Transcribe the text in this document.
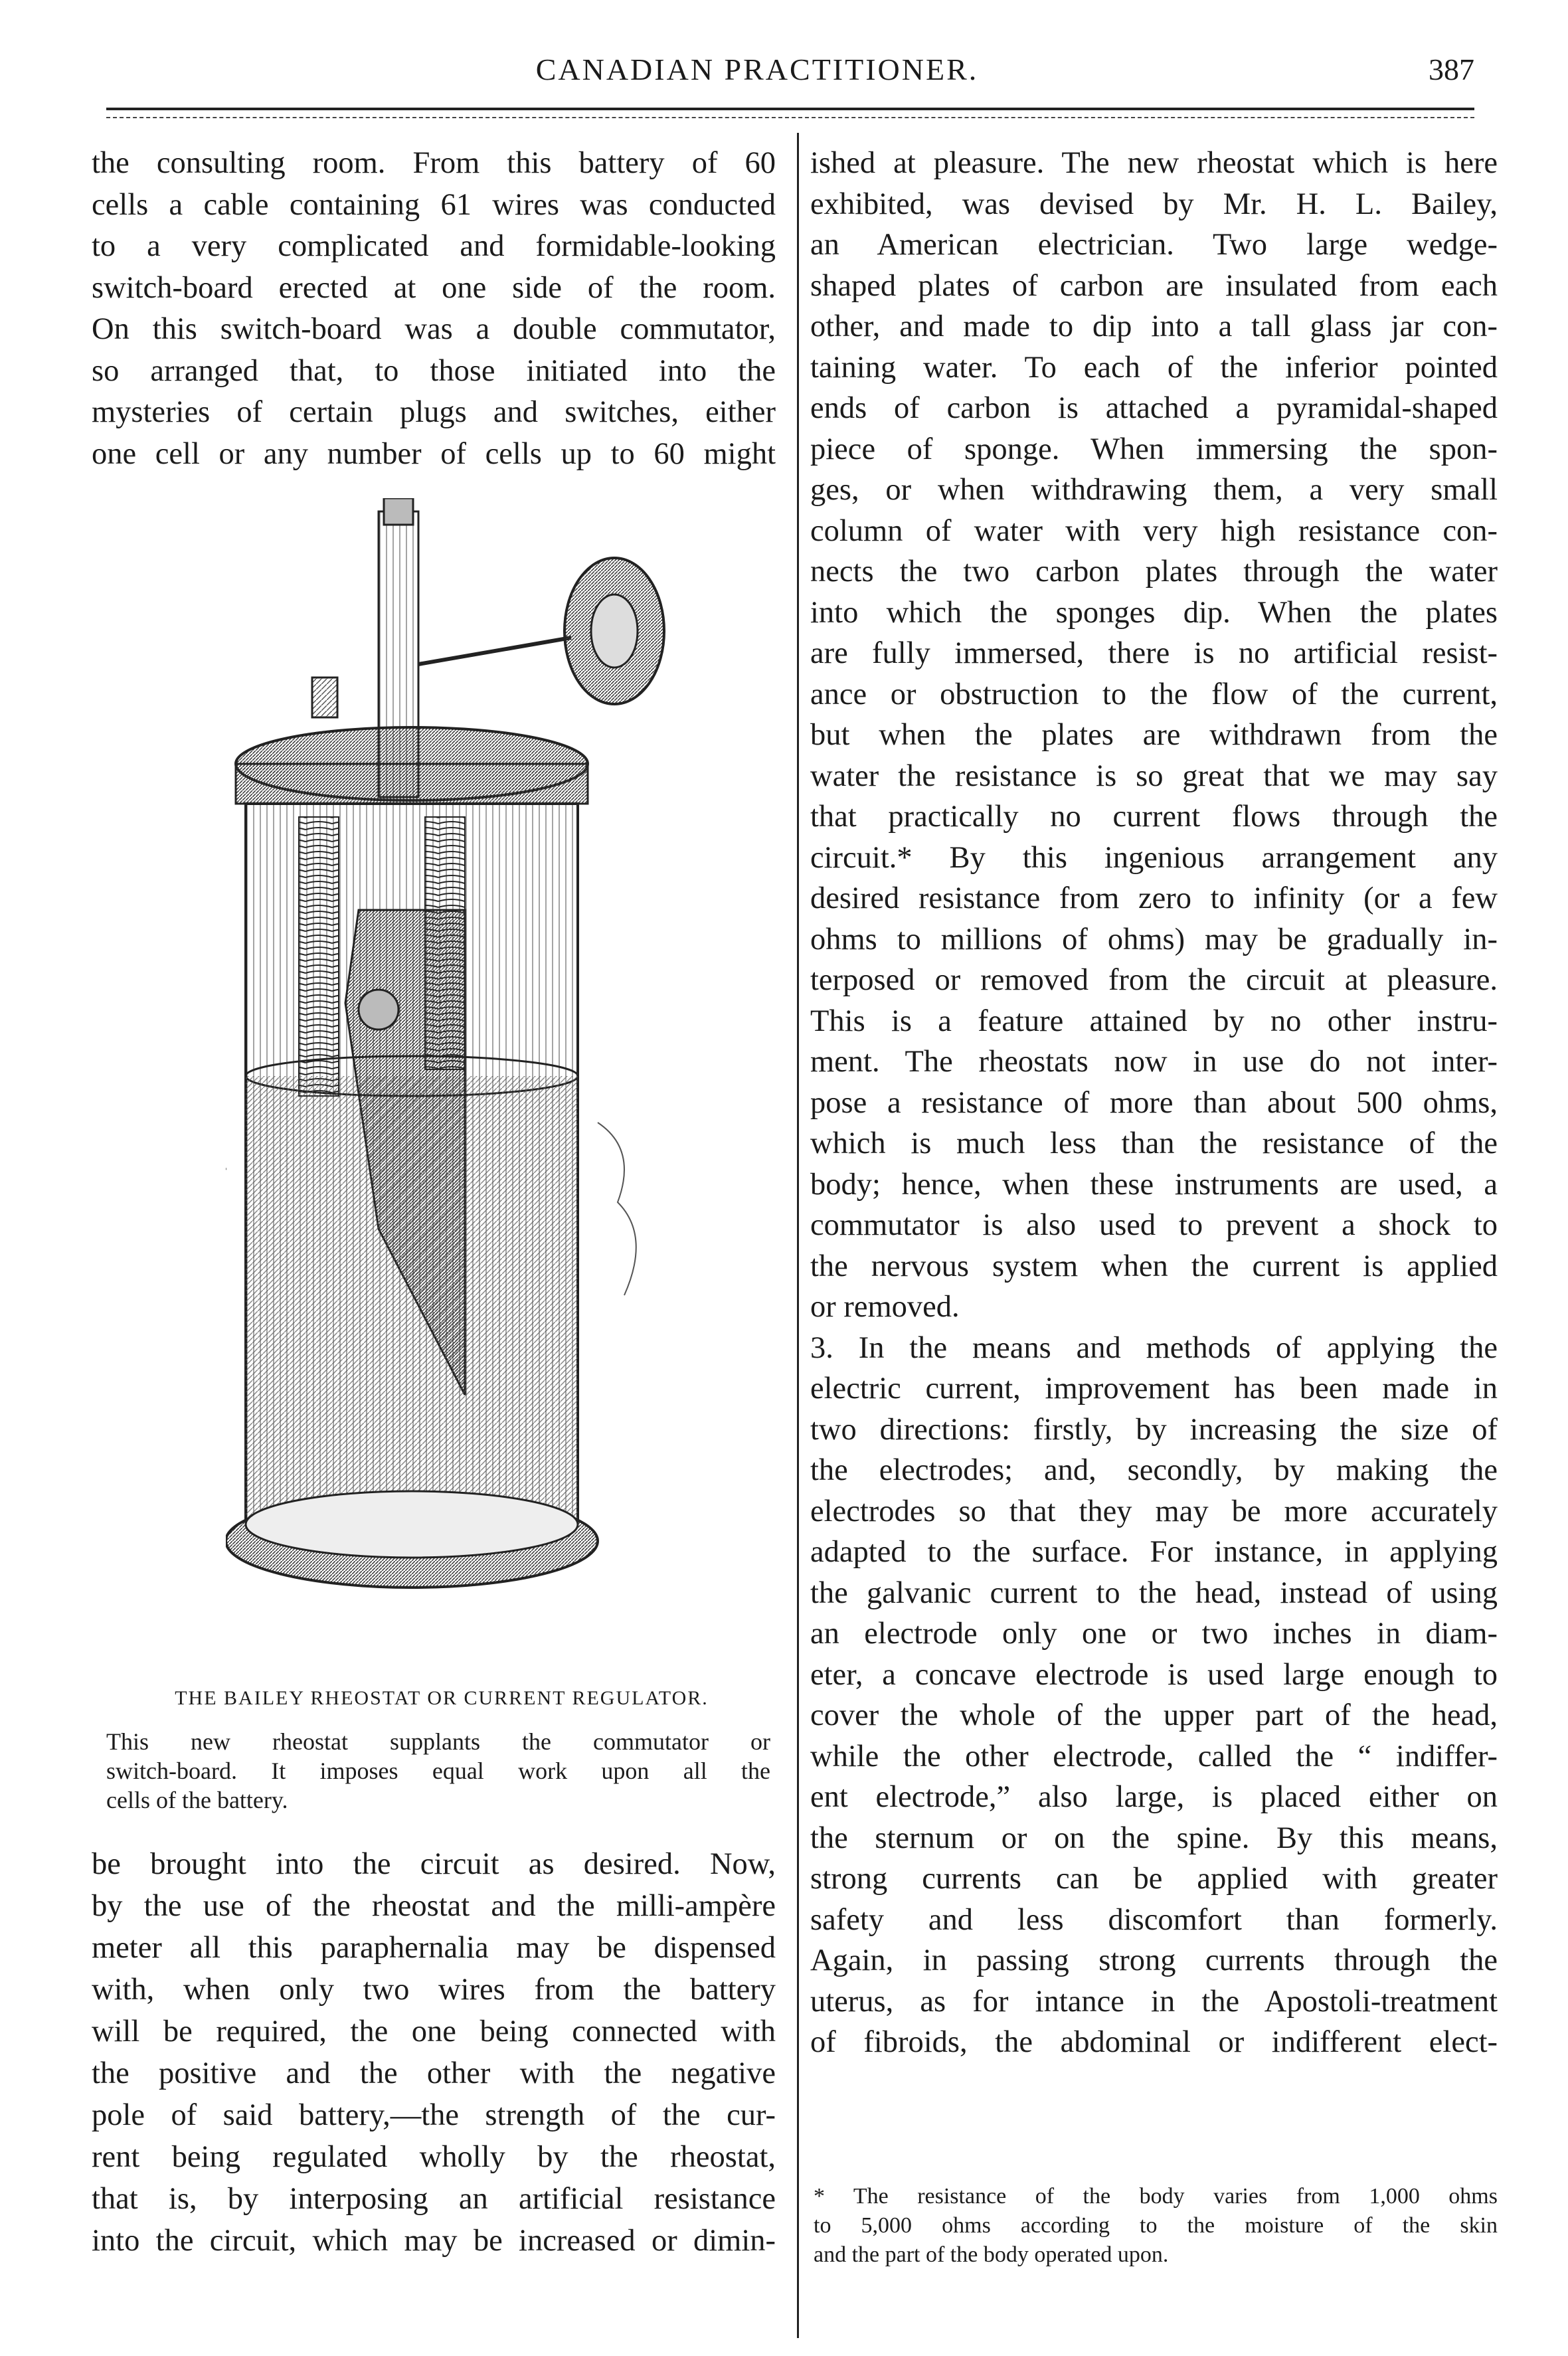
CANADIAN PRACTITIONER.	387
the consulting room. From this battery of 60
cells a cable containing 61 wires was conducted
to a very complicated and formidable-looking
switch-board erected at one side of the room.
On this switch-board was a double commutator,
so arranged that, to those initiated into the
mysteries of certain plugs and switches, either
one cell or any number of cells up to 60 might
THE BAILEY RHEOSTAT OR CURRENT REGULATOR.
This new rheostat supplants the commutator or
switch-board. It imposes equal work upon all the
cells of the battery.
be brought into the circuit as desired. Now,
by the use of the rheostat and the milli-ampère
meter all this paraphernalia may be dispensed
with, when only two wires from the battery
will be required, the one being connected with
the positive and the other with the negative
pole of said battery,—the strength of the cur-
rent being regulated wholly by the rheostat,
that is, by interposing an artificial resistance
into the circuit, which may be increased or dimin-
ished at pleasure. The new rheostat which is here
exhibited, was devised by Mr. H. L. Bailey,
an American electrician. Two large wedge-
shaped plates of carbon are insulated from each
other, and made to dip into a tall glass jar con-
taining water. To each of the inferior pointed
ends of carbon is attached a pyramidal-shaped
piece of sponge. When immersing the spon-
ges, or when withdrawing them, a very small
column of water with very high resistance con-
nects the two carbon plates through the water
into which the sponges dip. When the plates
are fully immersed, there is no artificial resist-
ance or obstruction to the flow of the current,
but when the plates are withdrawn from the
water the resistance is so great that we may say
that practically no current flows through the
circuit.* By this ingenious arrangement any
desired resistance from zero to infinity (or a few
ohms to millions of ohms) may be gradually in-
terposed or removed from the circuit at pleasure.
This is a feature attained by no other instru-
ment. The rheostats now in use do not inter-
pose a resistance of more than about 500 ohms,
which is much less than the resistance of the
body; hence, when these instruments are used, a
commutator is also used to prevent a shock to
the nervous system when the current is applied
or removed.
3. In the means and methods of applying the
electric current, improvement has been made in
two directions: firstly, by increasing the size of
the electrodes; and, secondly, by making the
electrodes so that they may be more accurately
adapted to the surface. For instance, in applying
the galvanic current to the head, instead of using
an electrode only one or two inches in diam-
eter, a concave electrode is used large enough to
cover the whole of the upper part of the head,
while the other electrode, called the “ indiffer-
ent electrode,” also large, is placed either on
the sternum or on the spine. By this means,
strong currents can be applied with greater
safety and less discomfort than formerly.
Again, in passing strong currents through the
uterus, as for intance in the Apostoli-treatment
of fibroids, the abdominal or indifferent elect-
* The resistance of the body varies from 1,000 ohms
to 5,000 ohms according to the moisture of the skin
and the part of the body operated upon.
